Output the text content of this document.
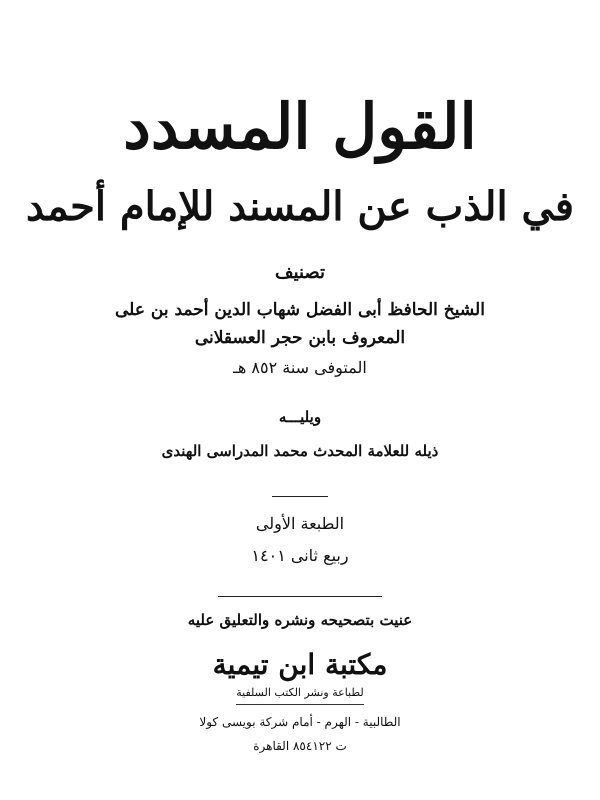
القول المسدد
في الذب عن المسند للإمام أحمد
تصنيف
الشيخ الحافظ أبى الفضل شهاب الدين أحمد بن على
المعروف بابن حجر العسقلانى
المتوفى سنة ٨٥٢ هـ
ويليـــه
ذيله للعلامة المحدث محمد المدراسى الهندى
الطبعة الأولى
ربيع ثانى ١٤٠١
عنيت بتصحيحه ونشره والتعليق عليه
مكتبة ابن تيمية
لطباعة ونشر الكتب السلفية
الطالبية - الهرم - أمام شركة بويسى كولا
ت ٨٥٤١٢٢ القاهرة
